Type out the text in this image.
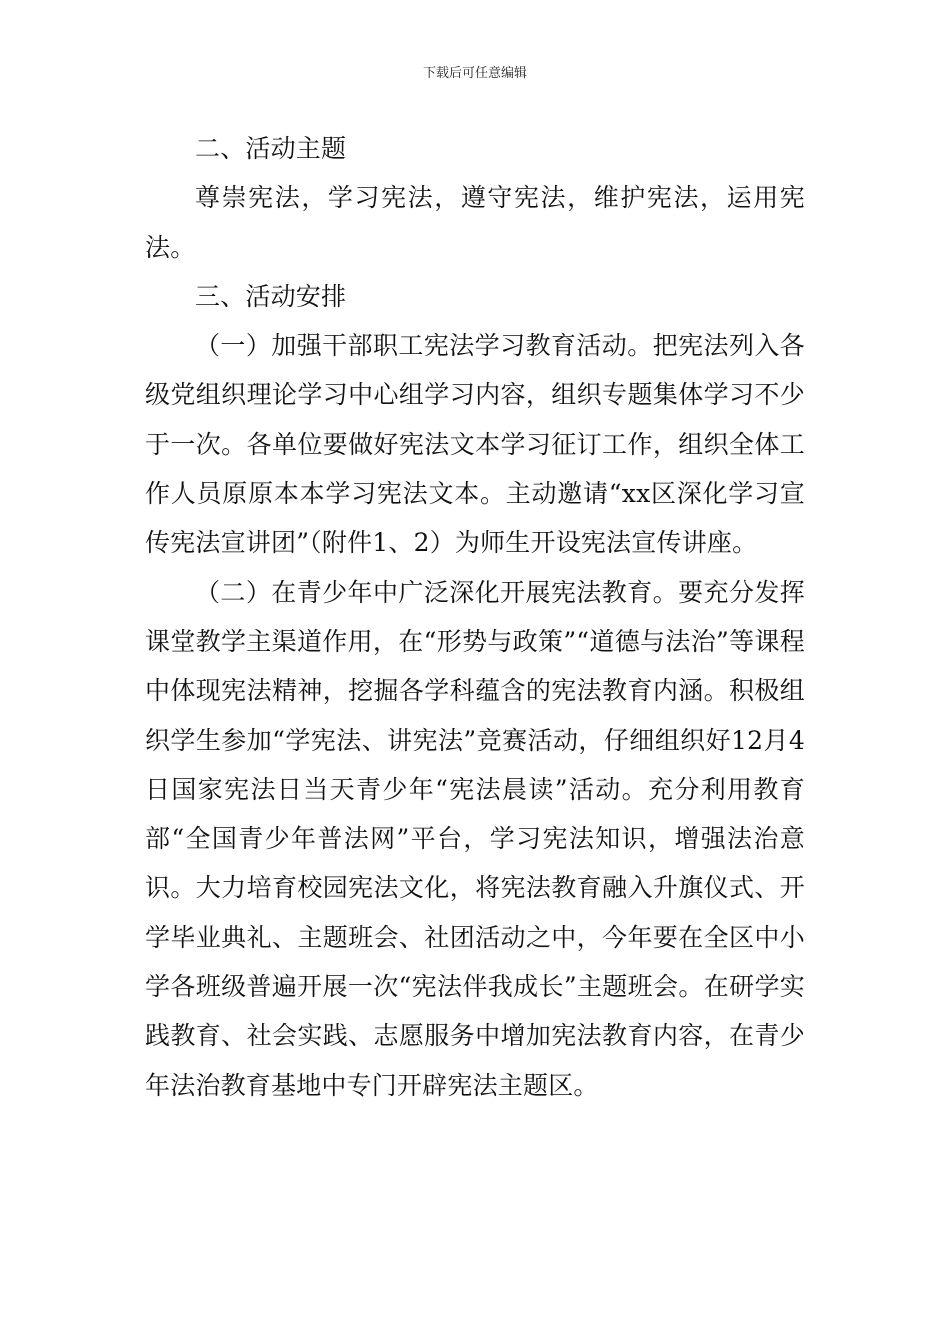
下载后可任意编辑

二、活动主题

尊崇宪法，学习宪法，遵守宪法，维护宪法，运用宪法。

三、活动安排

（一）加强干部职工宪法学习教育活动。把宪法列入各级党组织理论学习中心组学习内容，组织专题集体学习不少于一次。各单位要做好宪法文本学习征订工作，组织全体工作人员原原本本学习宪法文本。主动邀请“xx区深化学习宣传宪法宣讲团”（附件1、2）为师生开设宪法宣传讲座。

（二）在青少年中广泛深化开展宪法教育。要充分发挥课堂教学主渠道作用，在“形势与政策”“道德与法治”等课程中体现宪法精神，挖掘各学科蕴含的宪法教育内涵。积极组织学生参加“学宪法、讲宪法”竞赛活动，仔细组织好12月4日国家宪法日当天青少年“宪法晨读”活动。充分利用教育部“全国青少年普法网”平台，学习宪法知识，增强法治意识。大力培育校园宪法文化，将宪法教育融入升旗仪式、开学毕业典礼、主题班会、社团活动之中，今年要在全区中小学各班级普遍开展一次“宪法伴我成长”主题班会。在研学实践教育、社会实践、志愿服务中增加宪法教育内容，在青少年法治教育基地中专门开辟宪法主题区。
